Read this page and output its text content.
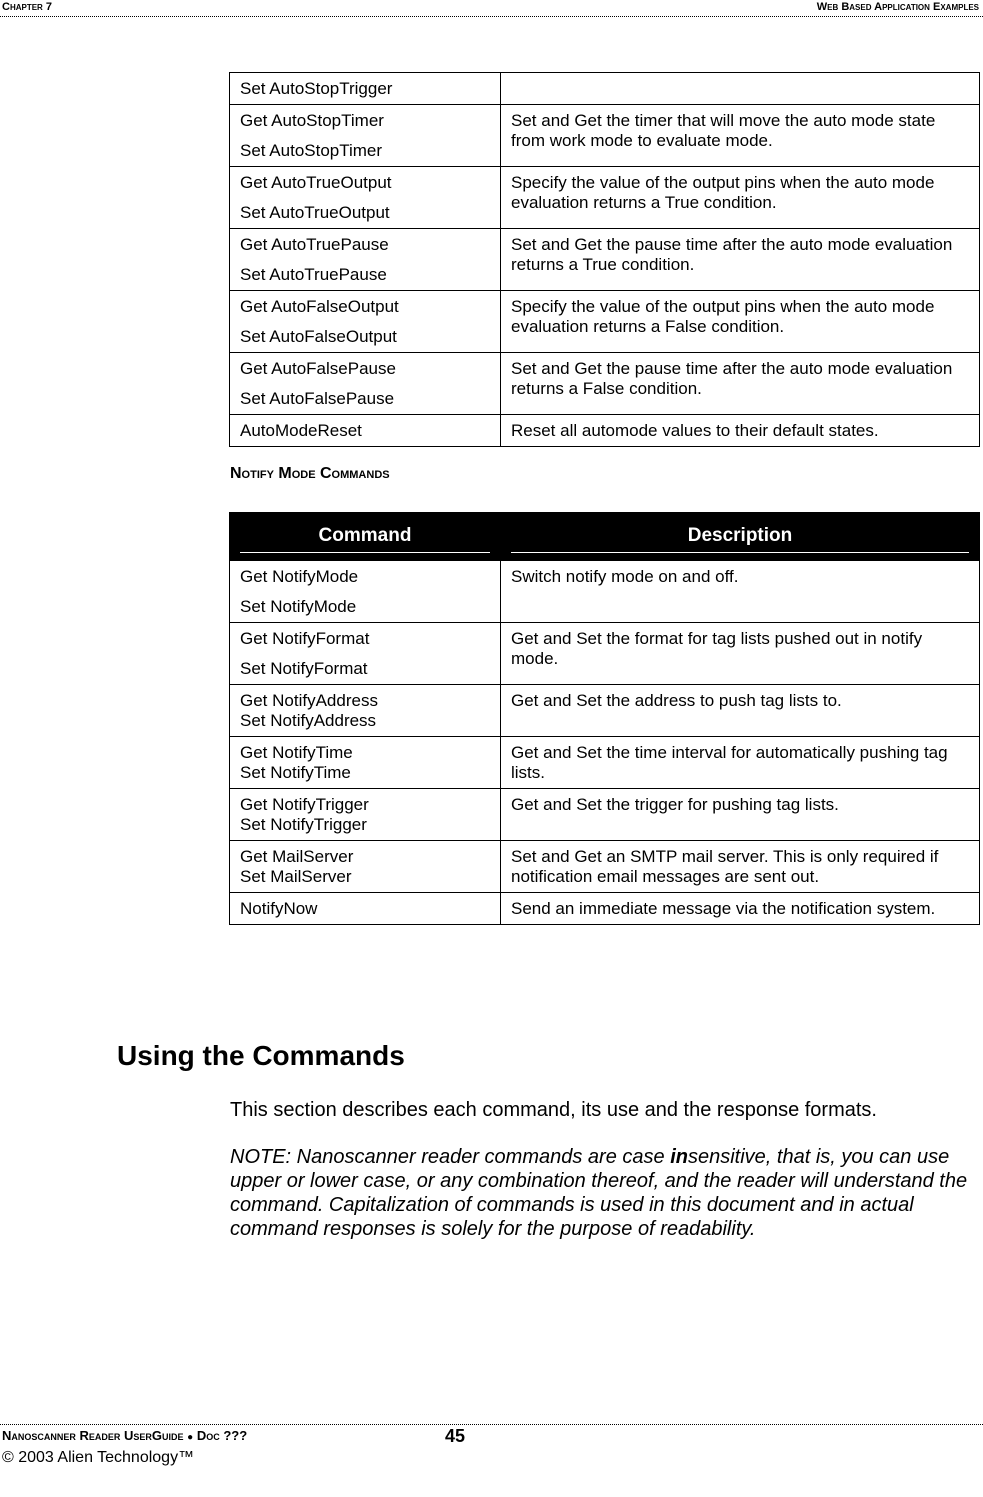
Chapter 7	Web Based Application Examples
Set AutoStopTrigger	

Get AutoStopTimer
Set AutoStopTimer	Set and Get the timer that will move the auto mode state from work mode to evaluate mode.

Get AutoTrueOutput
Set AutoTrueOutput	Specify the value of the output pins when the auto mode evaluation returns a True condition.

Get AutoTruePause
Set AutoTruePause	Set and Get the pause time after the auto mode evaluation returns a True condition.

Get AutoFalseOutput
Set AutoFalseOutput	Specify the value of the output pins when the auto mode evaluation returns a False condition.

Get AutoFalsePause
Set AutoFalsePause	Set and Get the pause time after the auto mode evaluation returns a False condition.

AutoModeReset	Reset all automode values to their default states.
Notify Mode Commands
Command	Description

Get NotifyMode
Set NotifyMode	Switch notify mode on and off.

Get NotifyFormat
Set NotifyFormat	Get and Set the format for tag lists pushed out in notify mode.

Get NotifyAddress
Set NotifyAddress	Get and Set the address to push tag lists to.

Get NotifyTime
Set NotifyTime	Get and Set the time interval for automatically pushing tag lists.

Get NotifyTrigger
Set NotifyTrigger	Get and Set the trigger for pushing tag lists.

Get MailServer
Set MailServer	Set and Get an SMTP mail server. This is only required if notification email messages are sent out.

NotifyNow	Send an immediate message via the notification system.
Using the Commands
This section describes each command, its use and the response formats.
NOTE: Nanoscanner reader commands are case insensitive, that is, you can use upper or lower case, or any combination thereof, and the reader will understand the command. Capitalization of commands is used in this document and in actual command responses is solely for the purpose of readability.
Nanoscanner Reader UserGuide ● Doc ???	45
© 2003 Alien Technology™
